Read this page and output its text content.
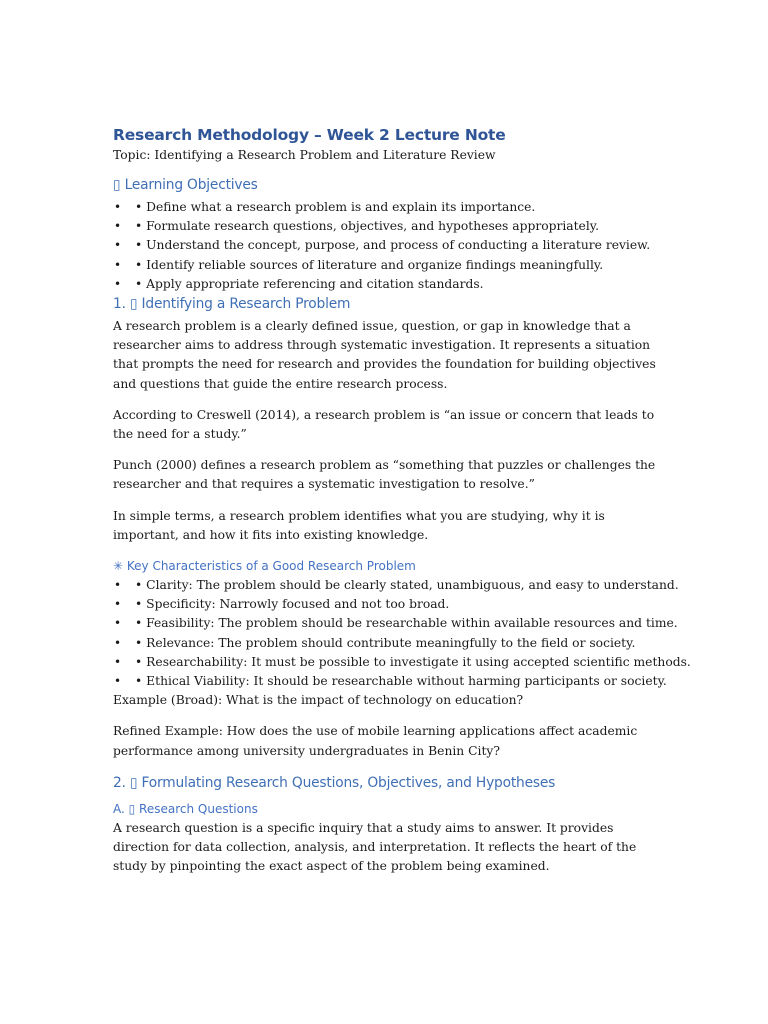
Research Methodology – Week 2 Lecture Note

Topic: Identifying a Research Problem and Literature Review

▯ Learning Objectives
• • Define what a research problem is and explain its importance.
• • Formulate research questions, objectives, and hypotheses appropriately.
• • Understand the concept, purpose, and process of conducting a literature review.
• • Identify reliable sources of literature and organize findings meaningfully.
• • Apply appropriate referencing and citation standards.
1. ▯ Identifying a Research Problem

A research problem is a clearly defined issue, question, or gap in knowledge that a researcher aims to address through systematic investigation. It represents a situation that prompts the need for research and provides the foundation for building objectives and questions that guide the entire research process.

According to Creswell (2014), a research problem is “an issue or concern that leads to the need for a study.”

Punch (2000) defines a research problem as “something that puzzles or challenges the researcher and that requires a systematic investigation to resolve.”

In simple terms, a research problem identifies what you are studying, why it is important, and how it fits into existing knowledge.

✳ Key Characteristics of a Good Research Problem
• • Clarity: The problem should be clearly stated, unambiguous, and easy to understand.
• • Specificity: Narrowly focused and not too broad.
• • Feasibility: The problem should be researchable within available resources and time.
• • Relevance: The problem should contribute meaningfully to the field or society.
• • Researchability: It must be possible to investigate it using accepted scientific methods.
• • Ethical Viability: It should be researchable without harming participants or society.

Example (Broad): What is the impact of technology on education?

Refined Example: How does the use of mobile learning applications affect academic performance among university undergraduates in Benin City?

2. ▯ Formulating Research Questions, Objectives, and Hypotheses
A. ▯ Research Questions

A research question is a specific inquiry that a study aims to answer. It provides direction for data collection, analysis, and interpretation. It reflects the heart of the study by pinpointing the exact aspect of the problem being examined.
